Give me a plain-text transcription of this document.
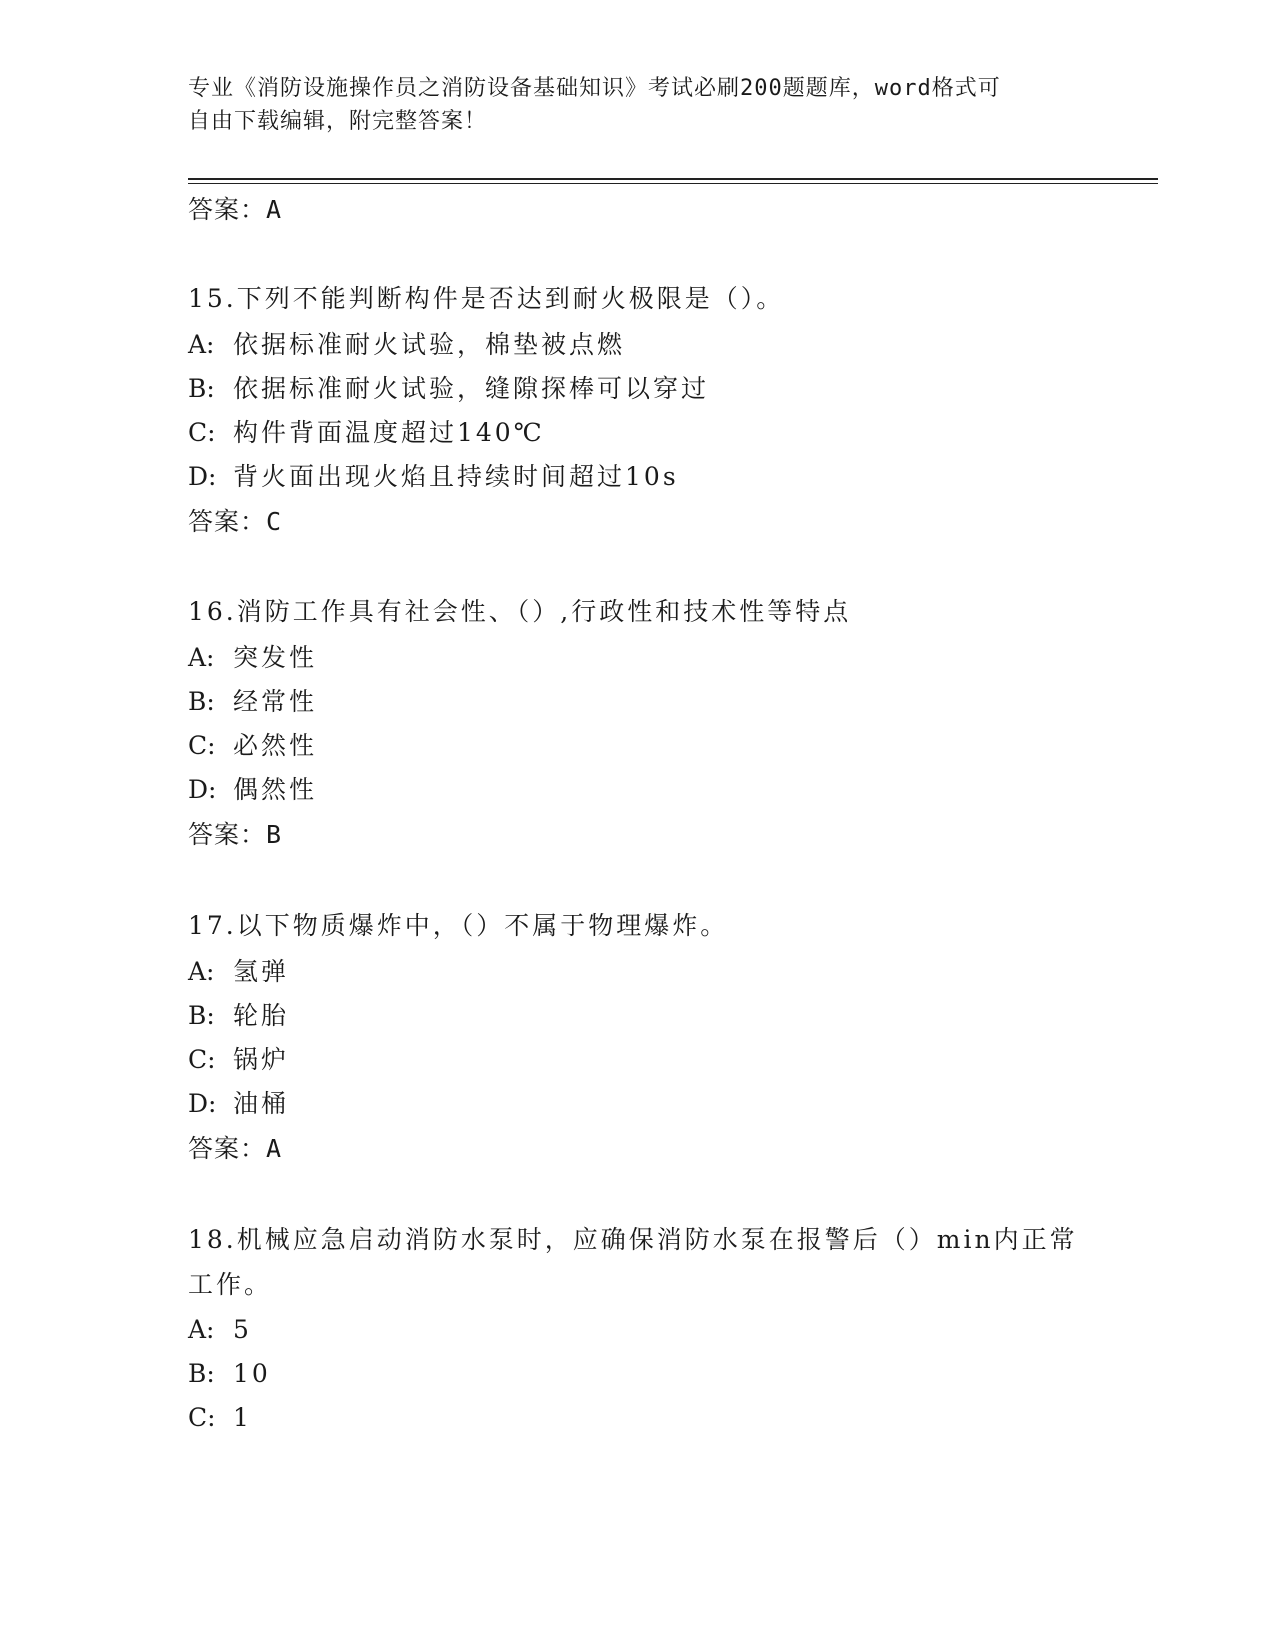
专业《消防设施操作员之消防设备基础知识》考试必刷200题题库，word格式可
自由下载编辑，附完整答案！
答案：A
15.下列不能判断构件是否达到耐火极限是（）。
A: 依据标准耐火试验，棉垫被点燃
B: 依据标准耐火试验，缝隙探棒可以穿过
C: 构件背面温度超过140℃
D: 背火面出现火焰且持续时间超过10s
答案：C
16.消防工作具有社会性、（）,行政性和技术性等特点
A: 突发性
B: 经常性
C: 必然性
D: 偶然性
答案：B
17.以下物质爆炸中，（）不属于物理爆炸。
A: 氢弹
B: 轮胎
C: 锅炉
D: 油桶
答案：A
18.机械应急启动消防水泵时，应确保消防水泵在报警后（）min内正常工作。
A: 5
B: 10
C: 1
